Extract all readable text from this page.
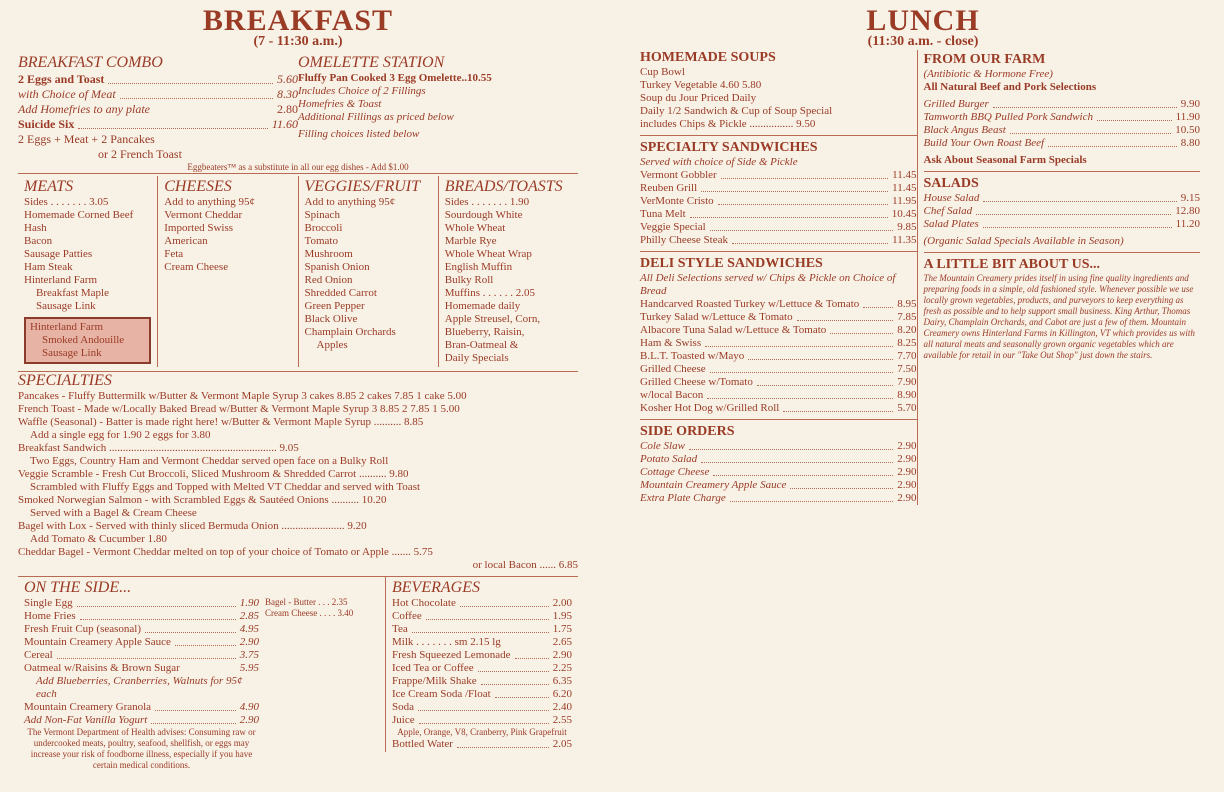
BREAKFAST
(7 - 11:30 a.m.)
BREAKFAST COMBO
2 Eggs and Toast	5.60
with Choice of Meat	8.30
Add Homefries to any plate	2.80
Suicide Six	11.60
2 Eggs + Meat + 2 Pancakes
or 2 French Toast
OMELETTE STATION
Fluffy Pan Cooked 3 Egg Omelette..10.55
Includes Choice of 2 Fillings
Homefries & Toast
Additional Fillings as priced below
Filling choices listed below
Eggbeaters™ as a substitute in all our egg dishes - Add $1.00
MEATS
Sides . . . . . . . 3.05
Homemade Corned Beef Hash
Bacon
Sausage Patties
Ham Steak
Hinterland Farm
Breakfast Maple
Sausage Link
Hinterland Farm
Smoked Andouille
Sausage Link
CHEESES
Add to anything 95¢
Vermont Cheddar
Imported Swiss
American
Feta
Cream Cheese
VEGGIES/FRUIT
Add to anything 95¢
Spinach
Broccoli
Tomato
Mushroom
Spanish Onion
Red Onion
Shredded Carrot
Green Pepper
Black Olive
Champlain Orchards
Apples
BREADS/TOASTS
Sides . . . . . . . 1.90
Sourdough White
Whole Wheat
Marble Rye
Whole Wheat Wrap
English Muffin
Bulky Roll
Muffins . . . . . . 2.05
Homemade daily
Apple Streusel, Corn,
Blueberry, Raisin,
Bran-Oatmeal &
Daily Specials
SPECIALTIES
Pancakes - Fluffy Buttermilk w/Butter & Vermont Maple Syrup 3 cakes 8.85 2 cakes 7.85 1 cake 5.00
French Toast - Made w/Locally Baked Bread w/Butter & Vermont Maple Syrup 3 8.85 2 7.85 1 5.00
Waffle (Seasonal) - Batter is made right here! w/Butter & Vermont Maple Syrup .......... 8.85
Add a single egg for 1.90 2 eggs for 3.80
Breakfast Sandwich ............................................................. 9.05
Two Eggs, Country Ham and Vermont Cheddar served open face on a Bulky Roll
Veggie Scramble - Fresh Cut Broccoli, Sliced Mushroom & Shredded Carrot .......... 9.80
Scrambled with Fluffy Eggs and Topped with Melted VT Cheddar and served with Toast
Smoked Norwegian Salmon - with Scrambled Eggs & Sautéed Onions .......... 10.20
Served with a Bagel & Cream Cheese
Bagel with Lox - Served with thinly sliced Bermuda Onion ....................... 9.20
Add Tomato & Cucumber 1.80
Cheddar Bagel - Vermont Cheddar melted on top of your choice of Tomato or Apple ....... 5.75
or local Bacon ...... 6.85
ON THE SIDE...
Single Egg	1.90
Home Fries	2.85
Fresh Fruit Cup (seasonal)	4.95
Mountain Creamery Apple Sauce	2.90
Cereal	3.75
Oatmeal w/Raisins & Brown Sugar	5.95
Add Blueberries, Cranberries, Walnuts for 95¢ each
Mountain Creamery Granola	4.90
Add Non-Fat Vanilla Yogurt	2.90
The Vermont Department of Health advises: Consuming raw or undercooked meats, poultry, seafood, shellfish, or eggs may increase your risk of foodborne illness, especially if you have certain medical conditions.
Bagel - Butter . . . 2.35
Cream Cheese . . . . 3.40
BEVERAGES
Hot Chocolate	2.00
Coffee	1.95
Tea	1.75
Milk . . . . . . . sm 2.15 lg	2.65
Fresh Squeezed Lemonade	2.90
Iced Tea or Coffee	2.25
Frappe/Milk Shake	6.35
Ice Cream Soda /Float	6.20
Soda	2.40
Juice	2.55
Apple, Orange, V8, Cranberry, Pink Grapefruit
Bottled Water	2.05
LUNCH
(11:30 a.m. - close)
HOMEMADE SOUPS
Cup Bowl
Turkey Vegetable 4.60 5.80
Soup du Jour Priced Daily
Daily 1/2 Sandwich & Cup of Soup Special
includes Chips & Pickle ................ 9.50
SPECIALTY SANDWICHES
Served with choice of Side & Pickle
Vermont Gobbler	11.45
Reuben Grill	11.45
VerMonte Cristo	11.95
Tuna Melt	10.45
Veggie Special	9.85
Philly Cheese Steak	11.35
DELI STYLE SANDWICHES
All Deli Selections served w/ Chips & Pickle on Choice of Bread
Handcarved Roasted Turkey w/Lettuce & Tomato	8.95
Turkey Salad w/Lettuce & Tomato	7.85
Albacore Tuna Salad w/Lettuce & Tomato	8.20
Ham & Swiss	8.25
B.L.T. Toasted w/Mayo	7.70
Grilled Cheese	7.50
Grilled Cheese w/Tomato	7.90
w/local Bacon	8.90
Kosher Hot Dog w/Grilled Roll	5.70
SIDE ORDERS
Cole Slaw	2.90
Potato Salad	2.90
Cottage Cheese	2.90
Mountain Creamery Apple Sauce	2.90
Extra Plate Charge	2.90
FROM OUR FARM
(Antibiotic & Hormone Free)
All Natural Beef and Pork Selections
Grilled Burger	9.90
Tamworth BBQ Pulled Pork Sandwich	11.90
Black Angus Beast	10.50
Build Your Own Roast Beef	8.80
Ask About Seasonal Farm Specials
SALADS
House Salad	9.15
Chef Salad	12.80
Salad Plates	11.20
(Organic Salad Specials Available in Season)
A LITTLE BIT ABOUT US...
The Mountain Creamery prides itself in using fine quality ingredients and preparing foods in a simple, old fashioned style. Whenever possible we use locally grown vegetables, products, and purveyors to keep everything as fresh as possible and to help support small business. King Arthur, Thomas Dairy, Champlain Orchards, and Cabot are just a few of them. Mountain Creamery owns Hinterland Farms in Killington, VT which provides us with all natural meats and seasonally grown organic vegetables which are available for retail in our "Take Out Shop" just down the stairs.
